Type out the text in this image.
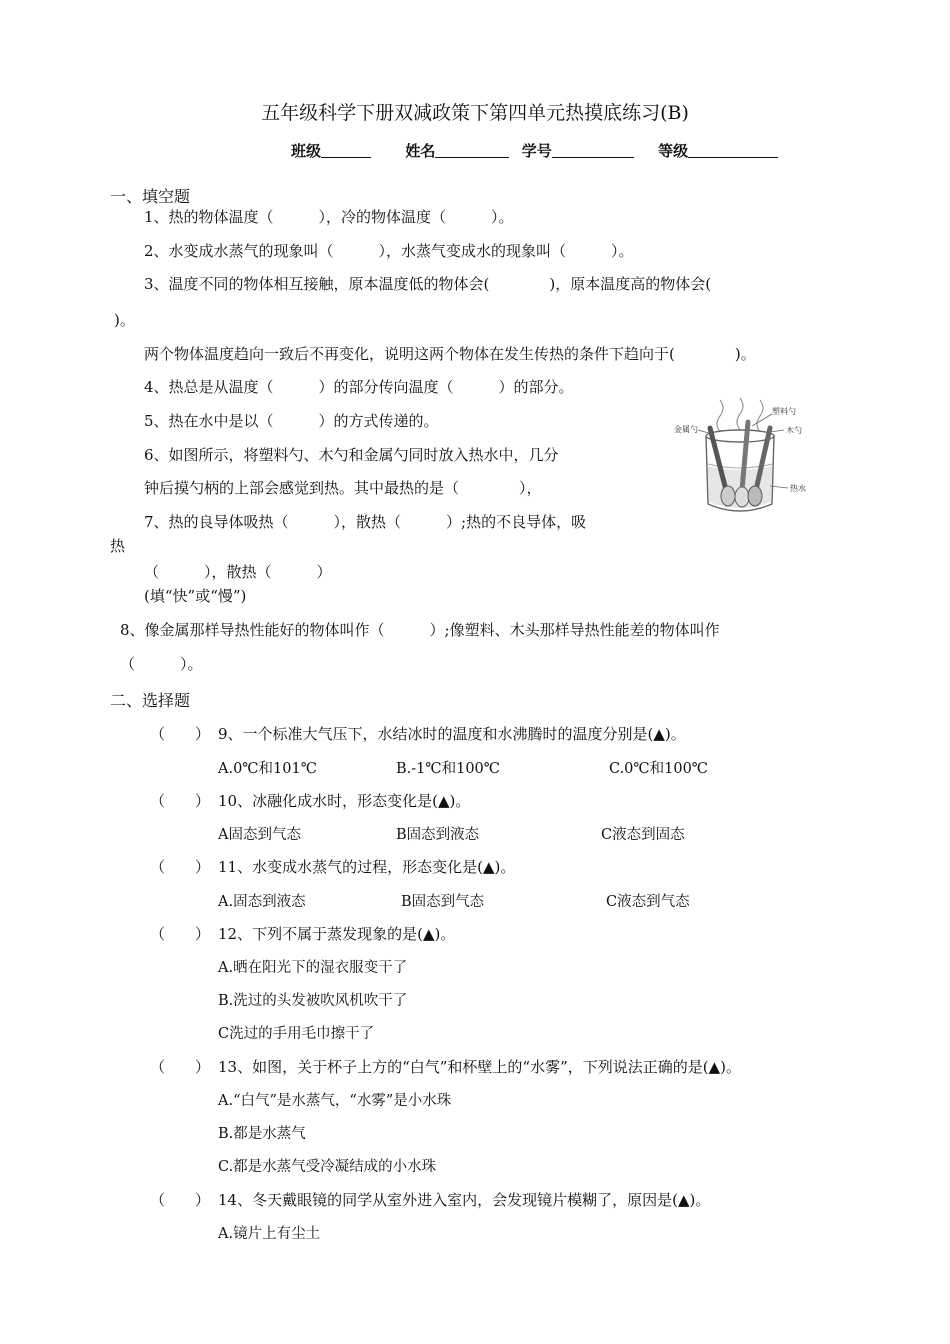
五年级科学下册双减政策下第四单元热摸底练习(B)
班级	姓名	学号	等级
一、填空题
1、热的物体温度（　　　），冷的物体温度（　　　）。
2、水变成水蒸气的现象叫（　　　），水蒸气变成水的现象叫（　　　）。
3、温度不同的物体相互接触，原本温度低的物体会(　　　　)，原本温度高的物体会(
)。
两个物体温度趋向一致后不再变化，说明这两个物体在发生传热的条件下趋向于(　　　　)。
4、热总是从温度（　　　）的部分传向温度（　　　）的部分。
5、热在水中是以（　　　）的方式传递的。
6、如图所示，将塑料勺、木勺和金属勺同时放入热水中，几分
钟后摸勺柄的上部会感觉到热。其中最热的是（　　　　），
7、热的良导体吸热（　　　），散热（　　　）;热的不良导体，吸
热
（　　　），散热（　　　）
(填“快”或“慢”)
8、像金属那样导热性能好的物体叫作（　　　）;像塑料、木头那样导热性能差的物体叫作
（　　　）。
塑料勺
金属勺	木勺
热水
二、选择题
（　　） 9、一个标准大气压下，水结冰时的温度和水沸腾时的温度分别是(▲)。
A.0℃和101℃	B.-1℃和100℃	C.0℃和100℃
（　　） 10、冰融化成水时，形态变化是(▲)。
A固态到气态	B固态到液态	C液态到固态
（　　） 11、水变成水蒸气的过程，形态变化是(▲)。
A.固态到液态	B固态到气态	C液态到气态
（　　） 12、下列不属于蒸发现象的是(▲)。
A.晒在阳光下的湿衣服变干了
B.洗过的头发被吹风机吹干了
C洗过的手用毛巾擦干了
（　　） 13、如图，关于杯子上方的“白气”和杯壁上的“水雾”，下列说法正确的是(▲)。
A.“白气”是水蒸气，“水雾”是小水珠
B.都是水蒸气
C.都是水蒸气受冷凝结成的小水珠
（　　） 14、冬天戴眼镜的同学从室外进入室内，会发现镜片模糊了，原因是(▲)。
A.镜片上有尘土
